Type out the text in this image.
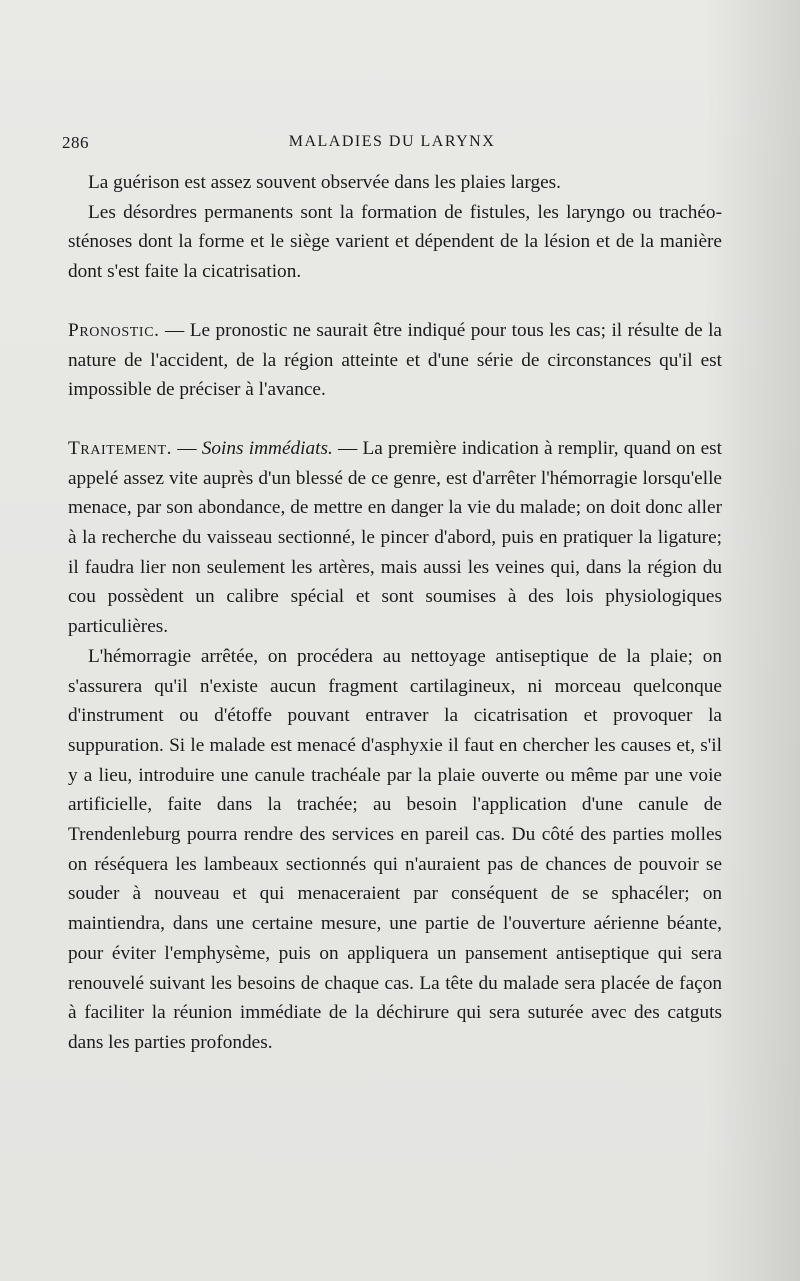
286	MALADIES DU LARYNX

La guérison est assez souvent observée dans les plaies larges.

Les désordres permanents sont la formation de fistules, les laryngo ou trachéo-sténoses dont la forme et le siège varient et dépendent de la lésion et de la manière dont s'est faite la cicatrisation.

Pronostic. — Le pronostic ne saurait être indiqué pour tous les cas; il résulte de la nature de l'accident, de la région atteinte et d'une série de circonstances qu'il est impossible de préciser à l'avance.

Traitement. — Soins immédiats. — La première indication à remplir, quand on est appelé assez vite auprès d'un blessé de ce genre, est d'arrêter l'hémorragie lorsqu'elle menace, par son abondance, de mettre en danger la vie du malade; on doit donc aller à la recherche du vaisseau sectionné, le pincer d'abord, puis en pratiquer la ligature; il faudra lier non seulement les artères, mais aussi les veines qui, dans la région du cou possèdent un calibre spécial et sont soumises à des lois physiologiques particulières.

L'hémorragie arrêtée, on procédera au nettoyage antiseptique de la plaie; on s'assurera qu'il n'existe aucun fragment cartilagineux, ni morceau quelconque d'instrument ou d'étoffe pouvant entraver la cicatrisation et provoquer la suppuration. Si le malade est menacé d'asphyxie il faut en chercher les causes et, s'il y a lieu, introduire une canule trachéale par la plaie ouverte ou même par une voie artificielle, faite dans la trachée; au besoin l'application d'une canule de Trendenleburg pourra rendre des services en pareil cas. Du côté des parties molles on réséquera les lambeaux sectionnés qui n'auraient pas de chances de pouvoir se souder à nouveau et qui menaceraient par conséquent de se sphacéler; on maintiendra, dans une certaine mesure, une partie de l'ouverture aérienne béante, pour éviter l'emphysème, puis on appliquera un pansement antiseptique qui sera renouvelé suivant les besoins de chaque cas. La tête du malade sera placée de façon à faciliter la réunion immédiate de la déchirure qui sera suturée avec des catguts dans les parties profondes.
